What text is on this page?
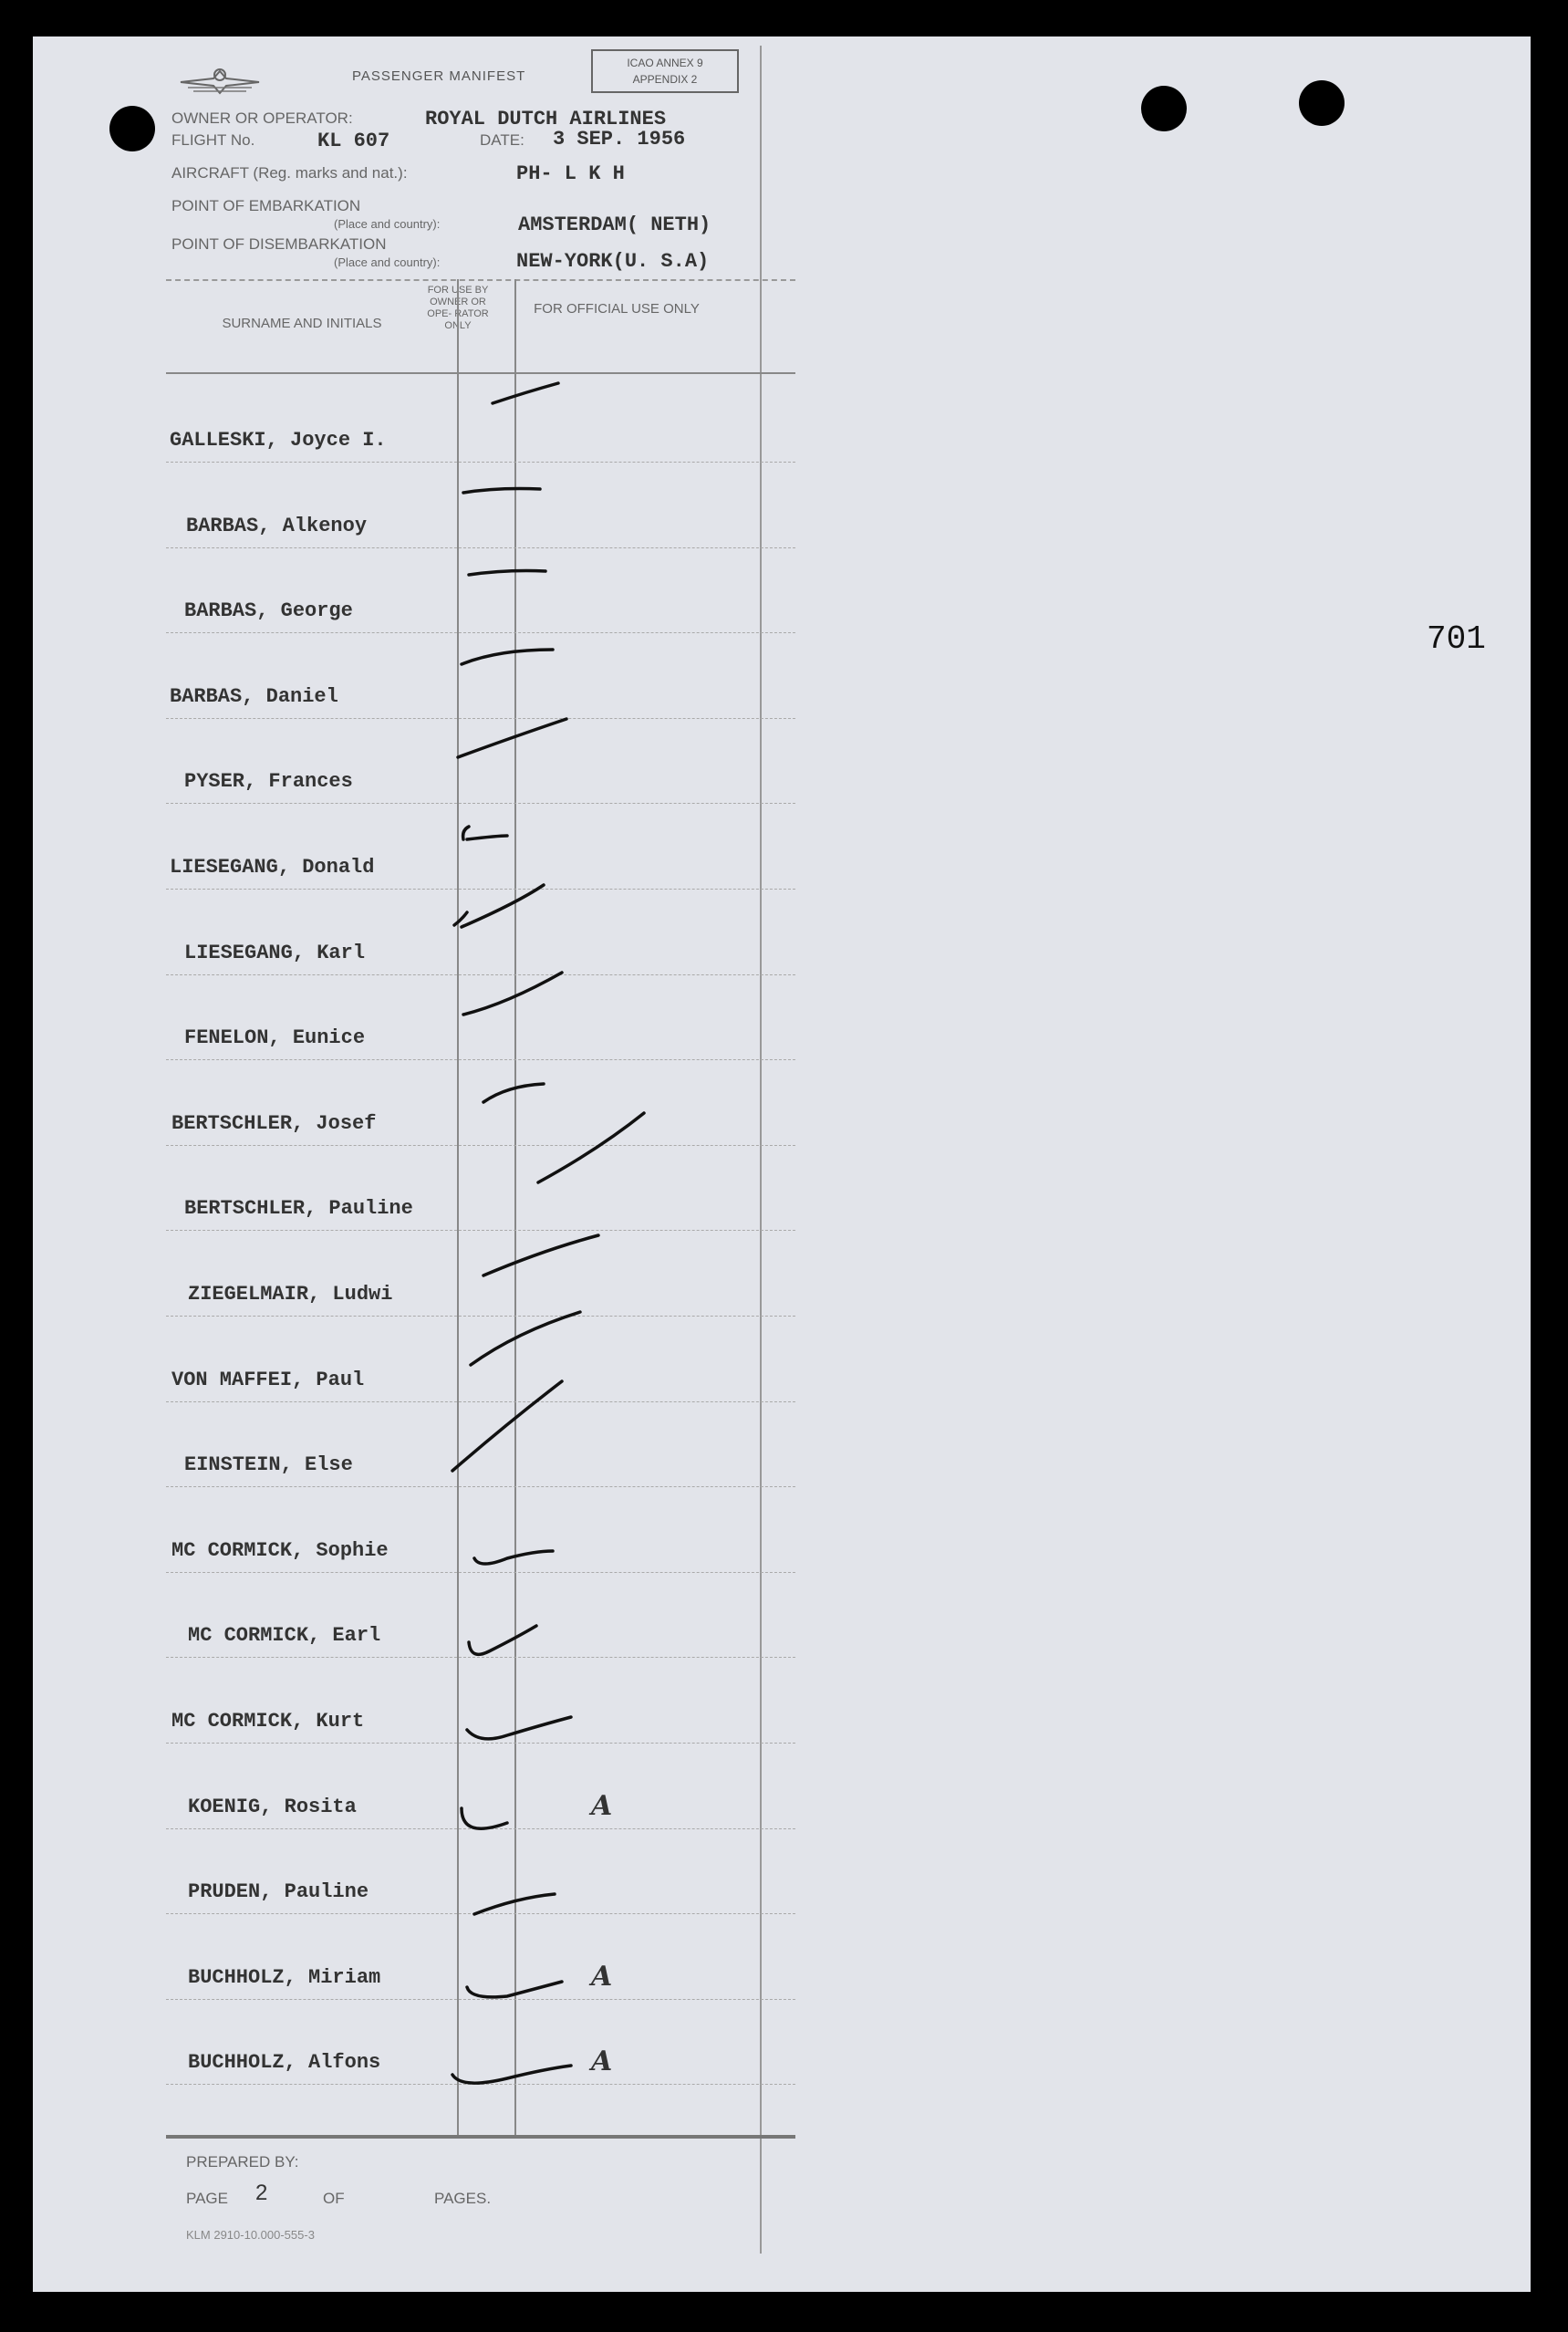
PASSENGER MANIFEST
ICAO ANNEX 9
APPENDIX 2
OWNER OR OPERATOR:	ROYAL DUTCH AIRLINES
FLIGHT No.	KL 607	DATE: 3 SEP. 1956
AIRCRAFT (Reg. marks and nat.):	PH- L K H
POINT OF EMBARKATION
(Place and country):	AMSTERDAM( NETH)
POINT OF DISEMBARKATION
(Place and country):	NEW-YORK(U. S.A)
SURNAME AND INITIALS
FOR USE BY OWNER OR OPE- RATOR ONLY
FOR OFFICIAL USE ONLY
GALLESKI, Joyce I.
BARBAS, Alkenoy
BARBAS, George
BARBAS, Daniel
PYSER, Frances
LIESEGANG, Donald
LIESEGANG, Karl
FENELON, Eunice
BERTSCHLER, Josef
BERTSCHLER, Pauline
ZIEGELMAIR, Ludwi
VON MAFFEI, Paul
EINSTEIN, Else
MC CORMICK, Sophie
MC CORMICK, Earl
MC CORMICK, Kurt
KOENIG, Rosita	A
PRUDEN, Pauline
BUCHHOLZ, Miriam	A
BUCHHOLZ, Alfons	A
PREPARED BY:
PAGE 2	OF	PAGES.
KLM 2910-10.000-555-3
701
